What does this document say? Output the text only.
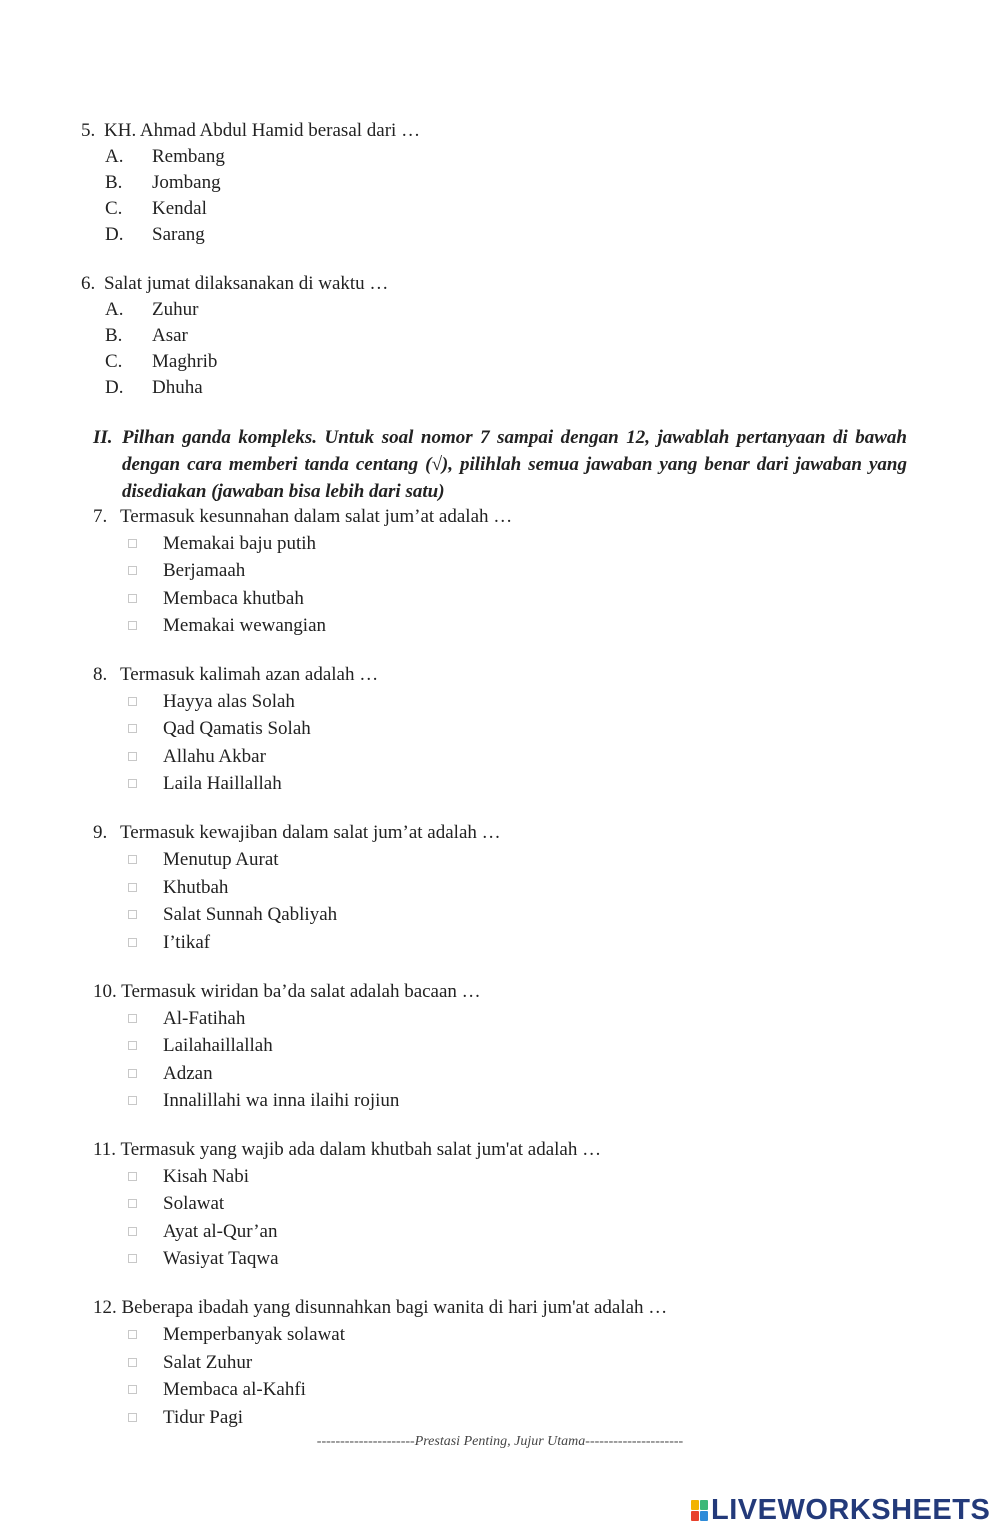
5. KH. Ahmad Abdul Hamid berasal dari …
A. Rembang
B. Jombang
C. Kendal
D. Sarang
6. Salat jumat dilaksanakan di waktu …
A. Zuhur
B. Asar
C. Maghrib
D. Dhuha
II. Pilhan ganda kompleks. Untuk soal nomor 7 sampai dengan 12, jawablah pertanyaan di bawah dengan cara memberi tanda centang (√), pilihlah semua jawaban yang benar dari jawaban yang disediakan (jawaban bisa lebih dari satu)
7. Termasuk kesunnahan dalam salat jum’at adalah …
Memakai baju putih
Berjamaah
Membaca khutbah
Memakai wewangian
8. Termasuk kalimah azan adalah …
Hayya alas Solah
Qad Qamatis Solah
Allahu Akbar
Laila Haillallah
9. Termasuk kewajiban dalam salat jum’at adalah …
Menutup Aurat
Khutbah
Salat Sunnah Qabliyah
I’tikaf
10. Termasuk wiridan ba’da salat adalah bacaan …
Al-Fatihah
Lailahaillallah
Adzan
Innalillahi wa inna ilaihi rojiun
11. Termasuk yang wajib ada dalam khutbah salat jum'at adalah …
Kisah Nabi
Solawat
Ayat al-Qur’an
Wasiyat Taqwa
12. Beberapa ibadah yang disunnahkan bagi wanita di hari jum'at adalah …
Memperbanyak solawat
Salat Zuhur
Membaca al-Kahfi
Tidur Pagi
---------------------Prestasi Penting, Jujur Utama---------------------
LIVEWORKSHEETS
